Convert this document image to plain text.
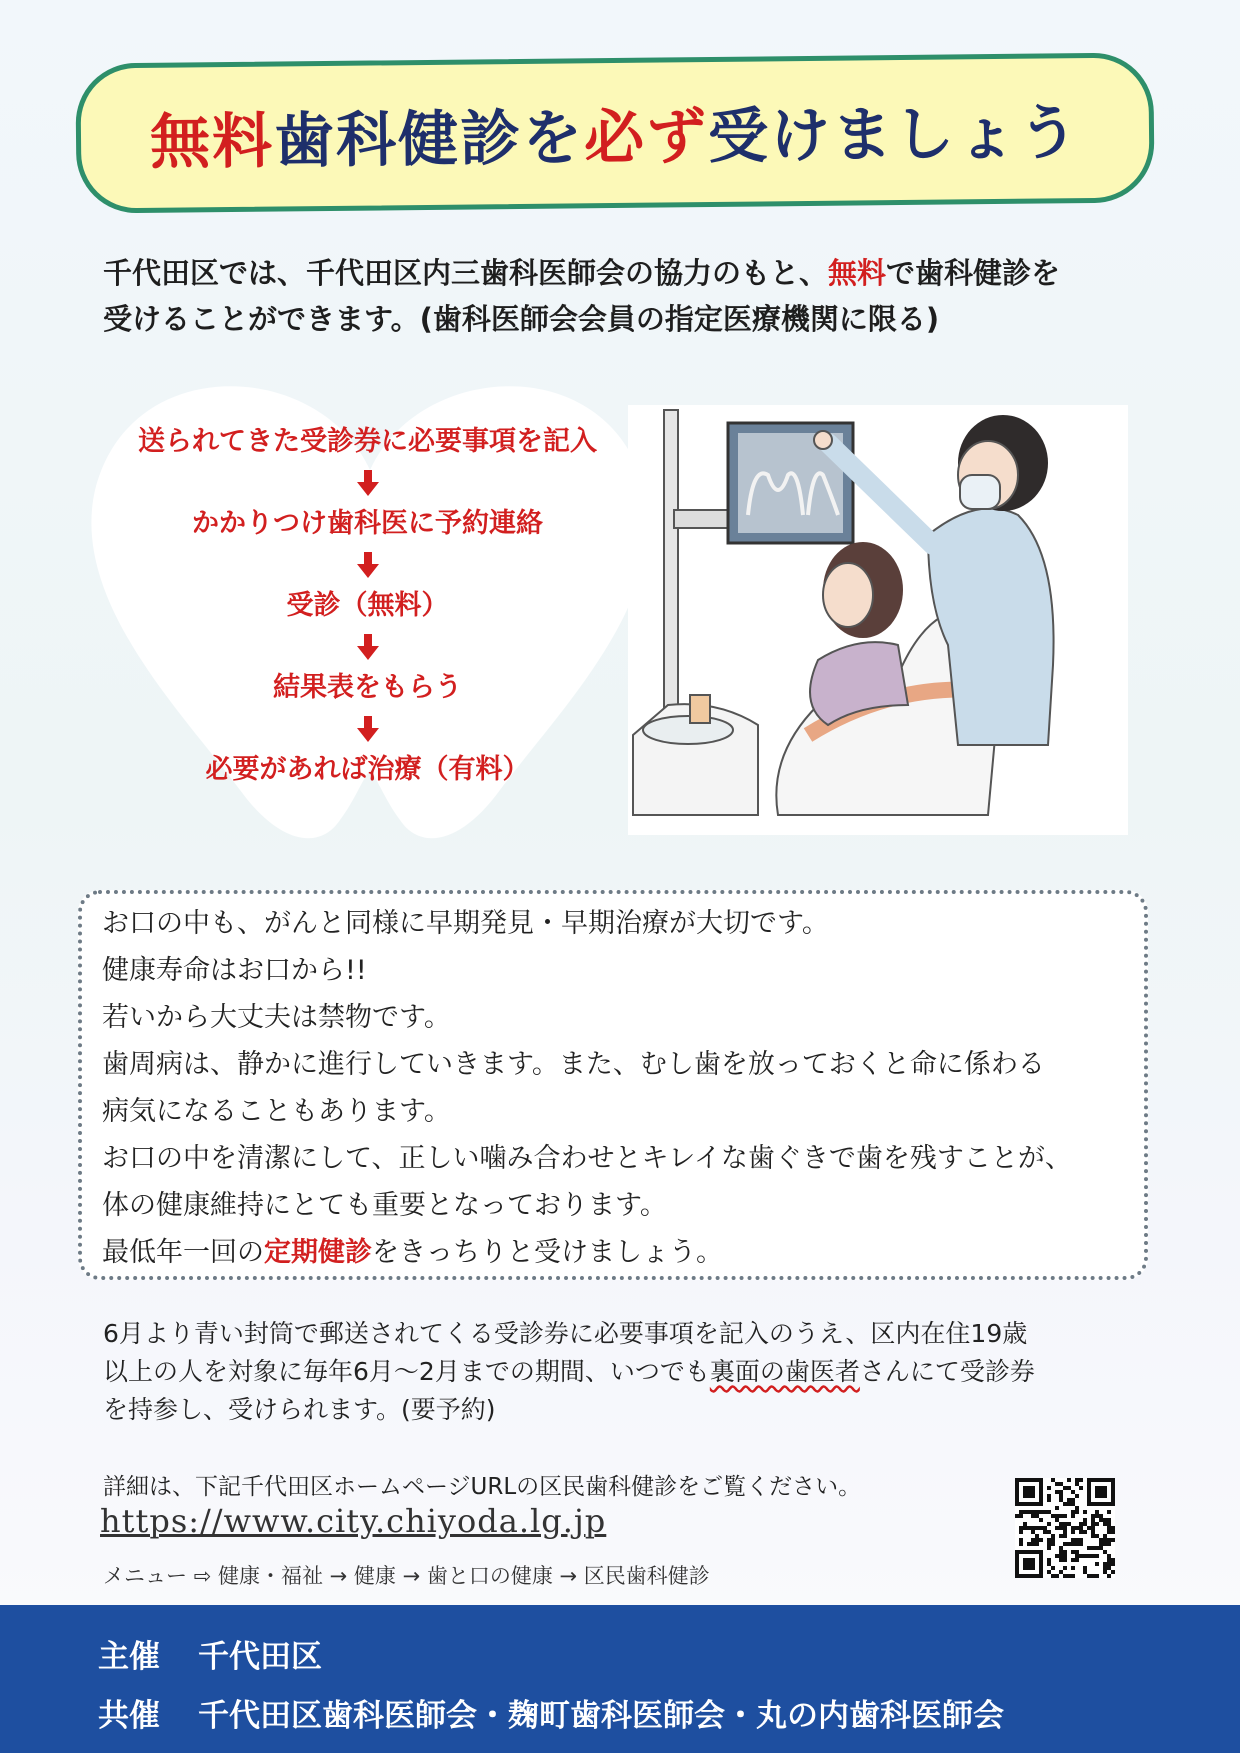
無料歯科健診を必ず受けましょう
千代田区では、千代田区内三歯科医師会の協力のもと、無料で歯科健診を
受けることができます。(歯科医師会会員の指定医療機関に限る)
送られてきた受診券に必要事項を記入
かかりつけ歯科医に予約連絡
受診（無料）
結果表をもらう
必要があれば治療（有料）
お口の中も、がんと同様に早期発見・早期治療が大切です。
健康寿命はお口から!!
若いから大丈夫は禁物です。
歯周病は、静かに進行していきます。また、むし歯を放っておくと命に係わる
病気になることもあります。
お口の中を清潔にして、正しい噛み合わせとキレイな歯ぐきで歯を残すことが、
体の健康維持にとても重要となっております。
最低年一回の定期健診をきっちりと受けましょう。
6月より青い封筒で郵送されてくる受診券に必要事項を記入のうえ、区内在住19歳
以上の人を対象に毎年6月～2月までの期間、いつでも裏面の歯医者さんにて受診券
を持参し、受けられます。(要予約)
詳細は、下記千代田区ホームページURLの区民歯科健診をご覧ください。
https://www.city.chiyoda.lg.jp
メニュー ⇨ 健康・福祉 → 健康 → 歯と口の健康 → 区民歯科健診
主催 千代田区
共催 千代田区歯科医師会・麹町歯科医師会・丸の内歯科医師会
